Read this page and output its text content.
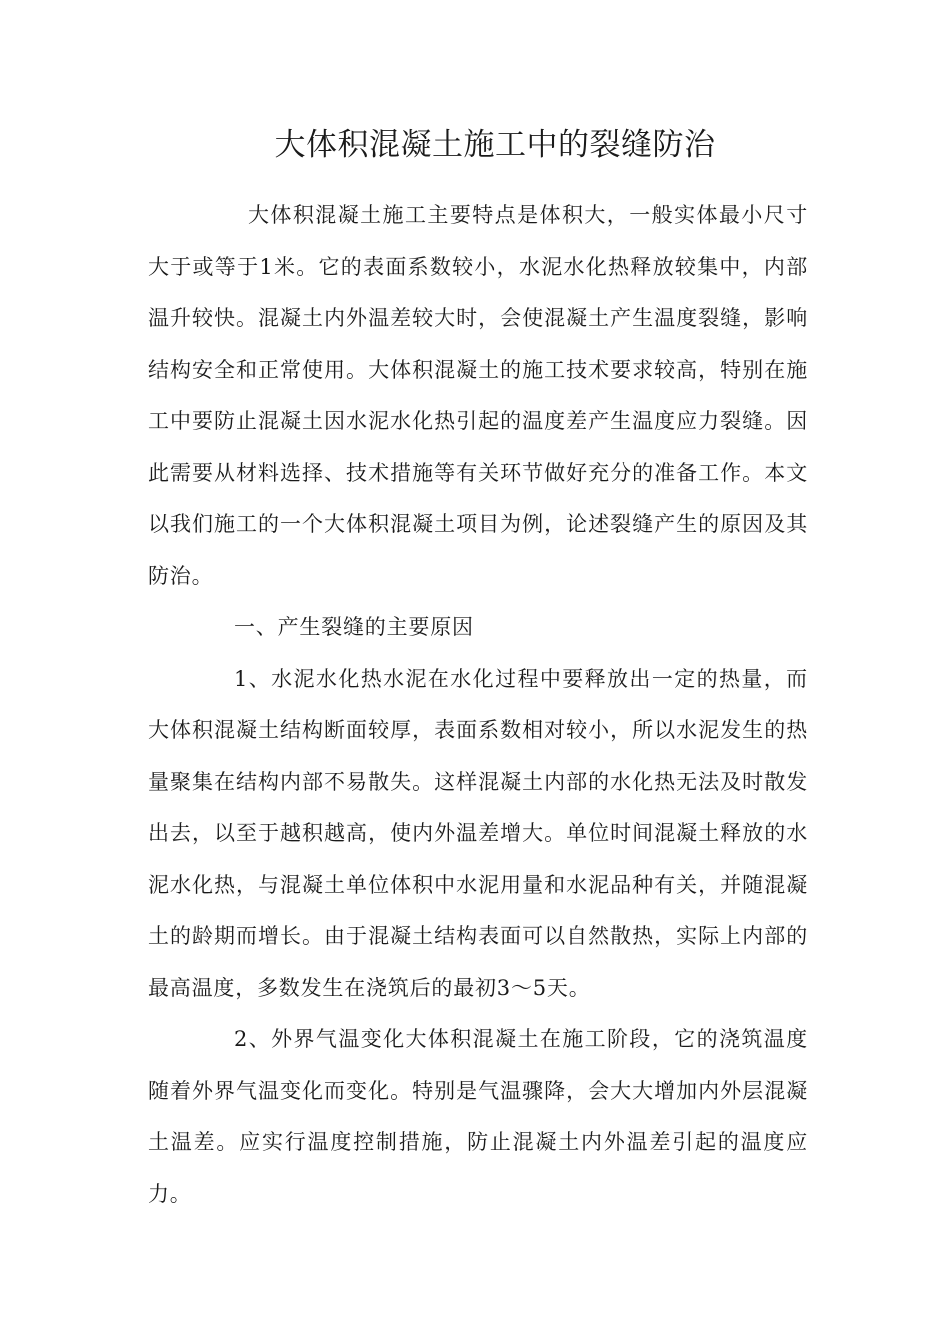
大体积混凝土施工中的裂缝防治

大体积混凝土施工主要特点是体积大，一般实体最小尺寸大于或等于1米。它的表面系数较小，水泥水化热释放较集中，内部温升较快。混凝土内外温差较大时，会使混凝土产生温度裂缝，影响结构安全和正常使用。大体积混凝土的施工技术要求较高，特别在施工中要防止混凝土因水泥水化热引起的温度差产生温度应力裂缝。因此需要从材料选择、技术措施等有关环节做好充分的准备工作。本文以我们施工的一个大体积混凝土项目为例，论述裂缝产生的原因及其防治。

一、产生裂缝的主要原因

1、水泥水化热水泥在水化过程中要释放出一定的热量，而大体积混凝土结构断面较厚，表面系数相对较小，所以水泥发生的热量聚集在结构内部不易散失。这样混凝土内部的水化热无法及时散发出去，以至于越积越高，使内外温差增大。单位时间混凝土释放的水泥水化热，与混凝土单位体积中水泥用量和水泥品种有关，并随混凝土的龄期而增长。由于混凝土结构表面可以自然散热，实际上内部的最高温度，多数发生在浇筑后的最初3～5天。

2、外界气温变化大体积混凝土在施工阶段，它的浇筑温度随着外界气温变化而变化。特别是气温骤降，会大大增加内外层混凝土温差。应实行温度控制措施，防止混凝土内外温差引起的温度应力。
